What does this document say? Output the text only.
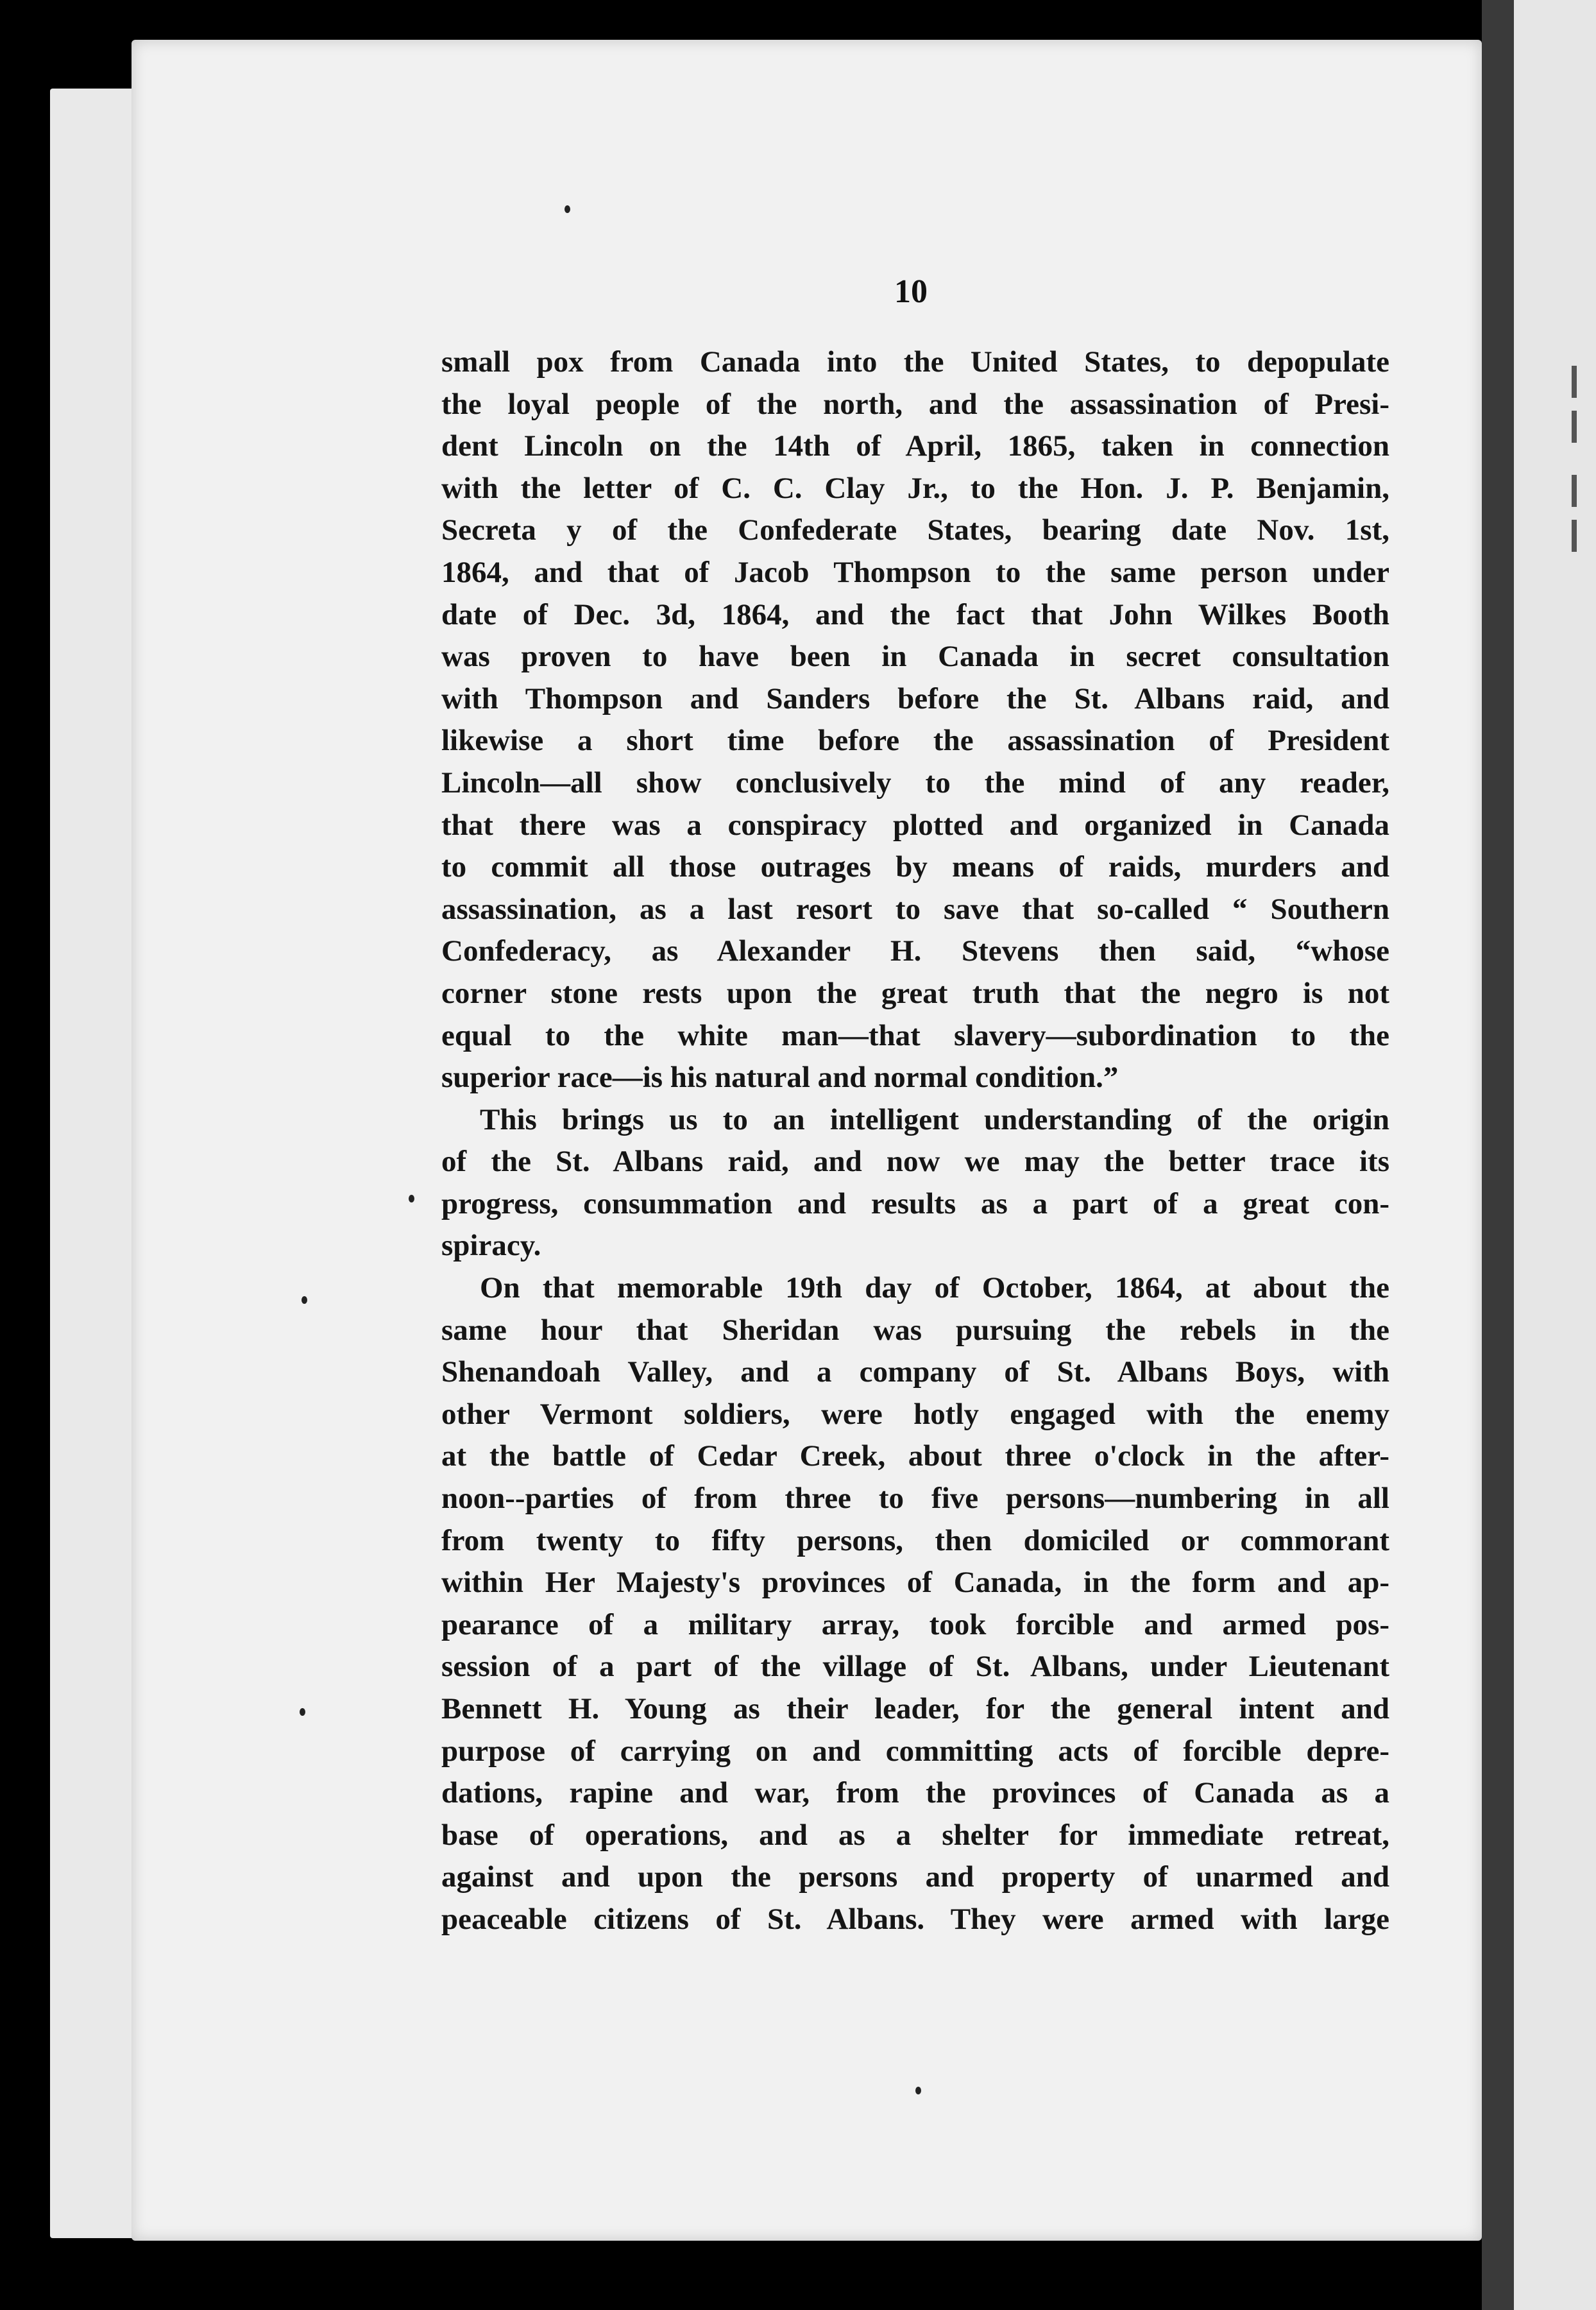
10
small pox from Canada into the United States, to depopulate
the loyal people of the north, and the assassination of Presi-
dent Lincoln on the 14th of April, 1865, taken in connection
with the letter of C. C. Clay Jr., to the Hon. J. P. Benjamin,
Secreta y of the Confederate States, bearing date Nov. 1st,
1864, and that of Jacob Thompson to the same person under
date of Dec. 3d, 1864, and the fact that John Wilkes Booth
was proven to have been in Canada in secret consultation
with Thompson and Sanders before the St. Albans raid, and
likewise a short time before the assassination of President
Lincoln—all show conclusively to the mind of any reader,
that there was a conspiracy plotted and organized in Canada
to commit all those outrages by means of raids, murders and
assassination, as a last resort to save that so-called “ Southern
Confederacy, as Alexander H. Stevens then said, “whose
corner stone rests upon the great truth that the negro is not
equal to the white man—that slavery—subordination to the
superior race—is his natural and normal condition.”
This brings us to an intelligent understanding of the origin
of the St. Albans raid, and now we may the better trace its
progress, consummation and results as a part of a great con-
spiracy.
On that memorable 19th day of October, 1864, at about the
same hour that Sheridan was pursuing the rebels in the
Shenandoah Valley, and a company of St. Albans Boys, with
other Vermont soldiers, were hotly engaged with the enemy
at the battle of Cedar Creek, about three o'clock in the after-
noon--parties of from three to five persons—numbering in all
from twenty to fifty persons, then domiciled or commorant
within Her Majesty's provinces of Canada, in the form and ap-
pearance of a military array, took forcible and armed pos-
session of a part of the village of St. Albans, under Lieutenant
Bennett H. Young as their leader, for the general intent and
purpose of carrying on and committing acts of forcible depre-
dations, rapine and war, from the provinces of Canada as a
base of operations, and as a shelter for immediate retreat,
against and upon the persons and property of unarmed and
peaceable citizens of St. Albans. They were armed with large
